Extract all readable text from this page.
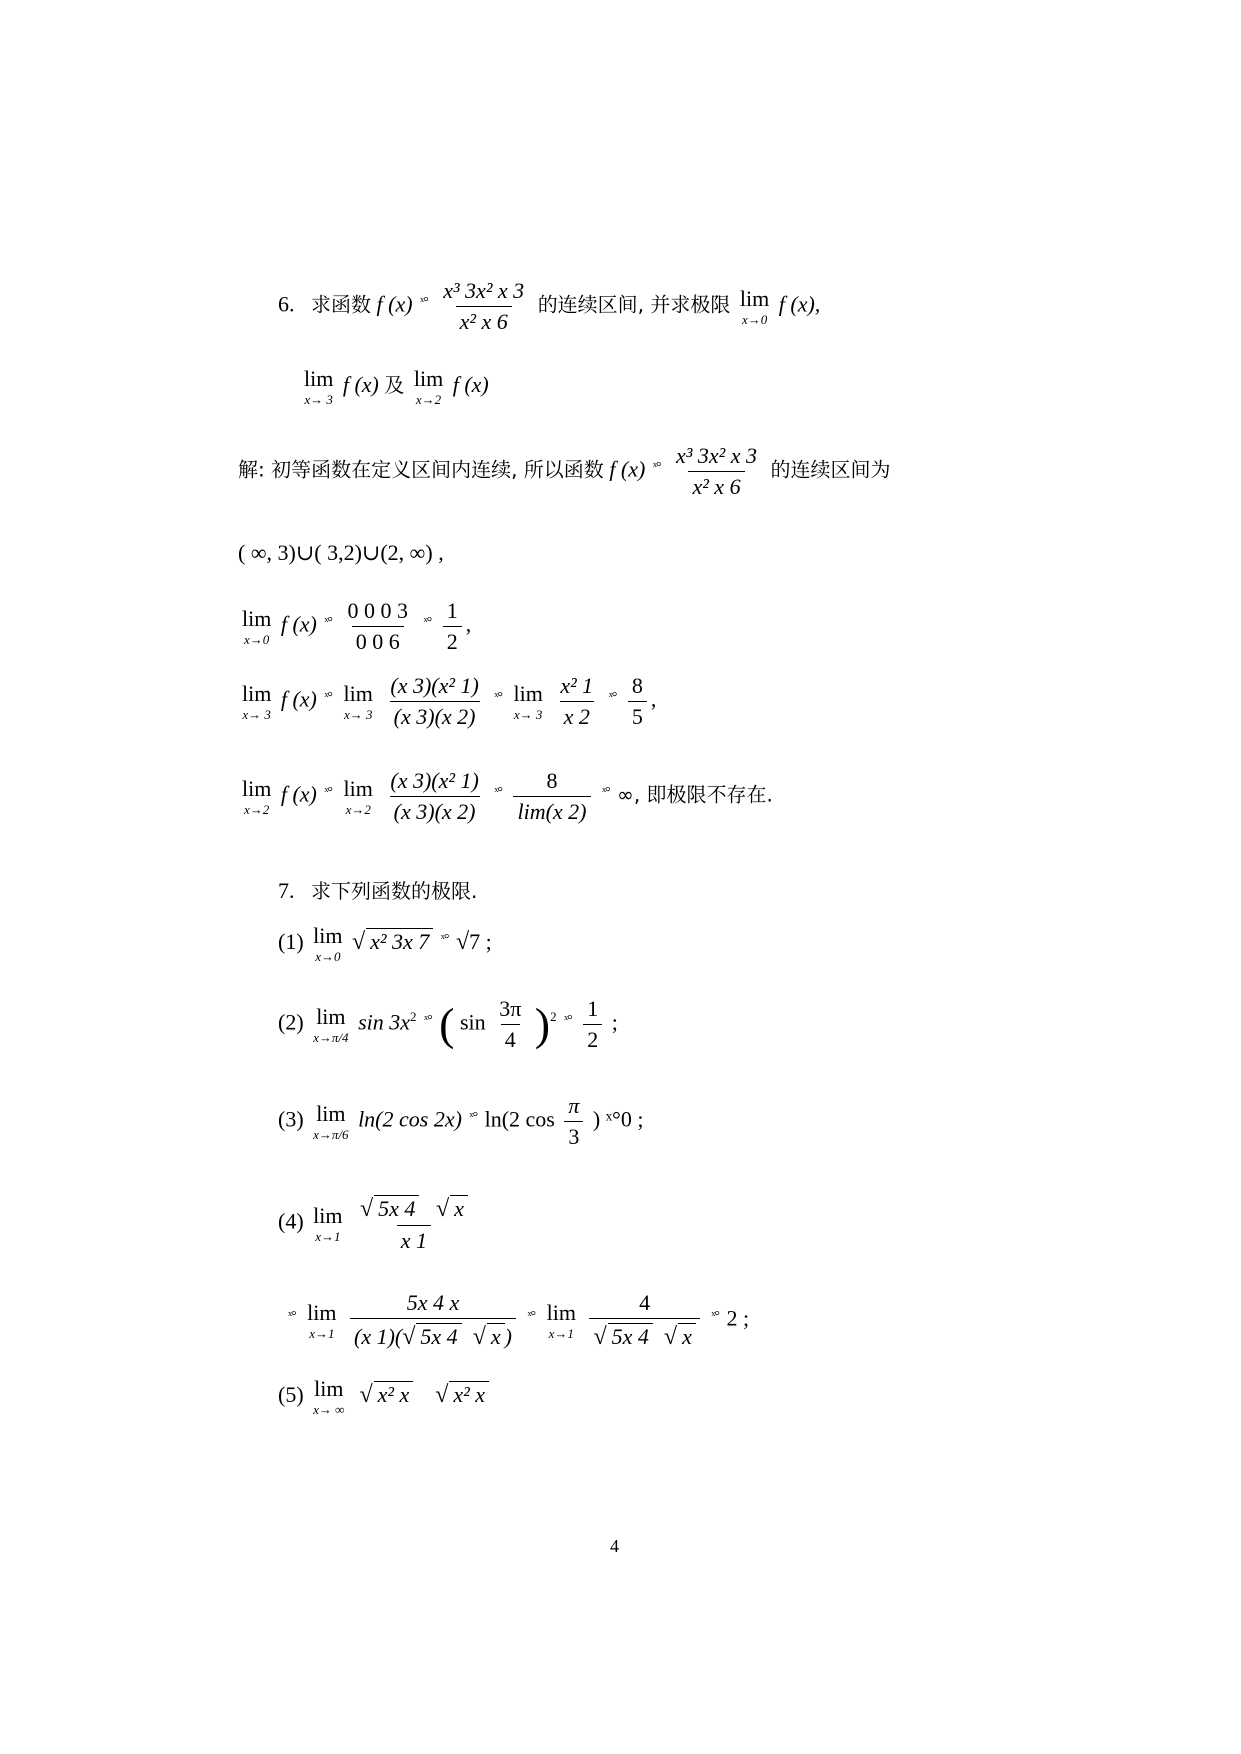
6. 求函数 f (x) $^{ˣ^\circ} \frac{\text{x³ 3x² x 3}}{\text{x² x 6}}$ 的连续区间, 并求极限 lim
x→0
f (x),
lim
x→ 3
f (x) 及 lim
x→2
f (x)
解: 初等函数在定义区间内连续, 所以函数 f (x) $^{ˣ^\circ} \frac{\text{x³ 3x² x 3}}{\text{x² x 6}}$ 的连续区间为
( ∞, 3)∪( 3,2)∪(2, ∞) ,
lim
x→0
f (x) $^{ˣ^\circ} \frac{0 0 0 3}{0 0 6} ^{ˣ^\circ} \frac{1}{2}$ ,
lim
x→ 3
f (x) $^{ˣ^\circ}$ lim
x→ 3
$\frac{\text{(x 3)(x² 1)}}{(x 3)(x 2)} ^{ˣ^\circ}$ lim
x→ 3
$\frac{\text{x² 1}}{x 2} ^{ˣ^\circ} \frac{8}{5}$ ,
lim
x→2
f (x) $^{ˣ^\circ}$ lim
x→2
$\frac{\text{(x 3)(x² 1)}}{(x 3)(x 2)} ^{ˣ^\circ} \frac{8}{\lim(x 2)} ^{ˣ^\circ}$ ∞, 即极限不存在.
7. 求下列函数的极限.
(1) lim
x→0
√ x² 3x 7 $^{ˣ^\circ}$ √7 ;
(2) lim
x→π/4
$\sin 3x^2$ $^{ˣ^\circ}$ ( $\sin \frac{3\pi}{4} )^2$ $^{ˣ^\circ} \frac{1}{2}$ ;
(3) lim
x→π/6
ln(2 cos 2x) $^{ˣ^\circ}$ ln(2 $\cos \frac{\pi}{3}$ ) ˣ°0 ;
(4) lim
x→1
$\frac{√ 5x 4 √ x}{x 1}$
$^{ˣ^\circ}$ lim
x→1
$\frac{5x 4 x}{(x 1)(√ 5x 4 √ x )} ^{ˣ^\circ}$ lim
x→1
$\frac{4}{√ 5x 4 √ x} ^{ˣ^\circ}$ 2 ;
(5) lim
x→ ∞
√ x² x √ x² x
4
